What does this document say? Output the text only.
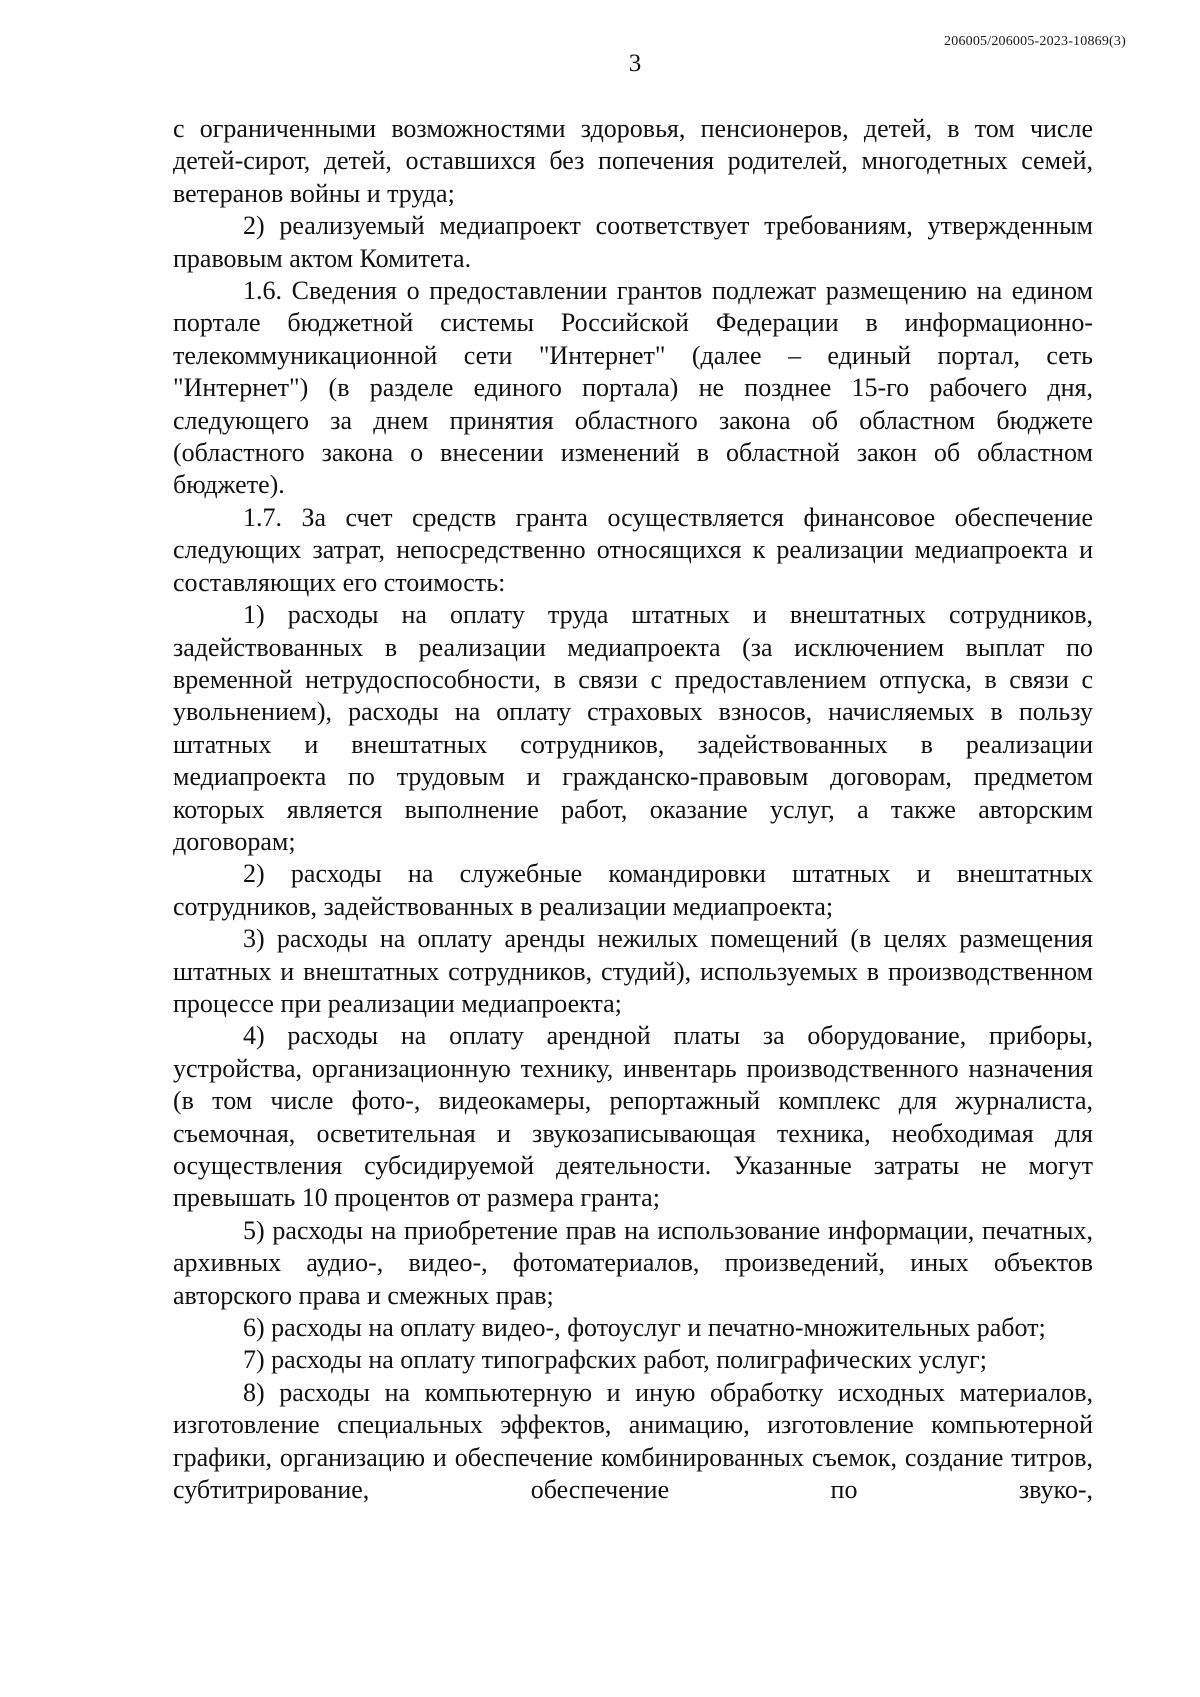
206005/206005-2023-10869(3)
3

с ограниченными возможностями здоровья, пенсионеров, детей, в том числе детей-сирот, детей, оставшихся без попечения родителей, многодетных семей, ветеранов войны и труда;

2) реализуемый медиапроект соответствует требованиям, утвержденным правовым актом Комитета.

1.6. Сведения о предоставлении грантов подлежат размещению на едином портале бюджетной системы Российской Федерации в информационно-телекоммуникационной сети "Интернет" (далее – единый портал, сеть "Интернет") (в разделе единого портала) не позднее 15-го рабочего дня, следующего за днем принятия областного закона об областном бюджете (областного закона о внесении изменений в областной закон об областном бюджете).

1.7. За счет средств гранта осуществляется финансовое обеспечение следующих затрат, непосредственно относящихся к реализации медиапроекта и составляющих его стоимость:

1) расходы на оплату труда штатных и внештатных сотрудников, задействованных в реализации медиапроекта (за исключением выплат по временной нетрудоспособности, в связи с предоставлением отпуска, в связи с увольнением), расходы на оплату страховых взносов, начисляемых в пользу штатных и внештатных сотрудников, задействованных в реализации медиапроекта по трудовым и гражданско-правовым договорам, предметом которых является выполнение работ, оказание услуг, а также авторским договорам;

2) расходы на служебные командировки штатных и внештатных сотрудников, задействованных в реализации медиапроекта;

3) расходы на оплату аренды нежилых помещений (в целях размещения штатных и внештатных сотрудников, студий), используемых в производственном процессе при реализации медиапроекта;

4) расходы на оплату арендной платы за оборудование, приборы, устройства, организационную технику, инвентарь производственного назначения (в том числе фото-, видеокамеры, репортажный комплекс для журналиста, съемочная, осветительная и звукозаписывающая техника, необходимая для осуществления субсидируемой деятельности. Указанные затраты не могут превышать 10 процентов от размера гранта;

5) расходы на приобретение прав на использование информации, печатных, архивных аудио-, видео-, фотоматериалов, произведений, иных объектов авторского права и смежных прав;

6) расходы на оплату видео-, фотоуслуг и печатно-множительных работ;

7) расходы на оплату типографских работ, полиграфических услуг;

8) расходы на компьютерную и иную обработку исходных материалов, изготовление специальных эффектов, анимацию, изготовление компьютерной графики, организацию и обеспечение комбинированных съемок, создание титров, субтитрирование, обеспечение по звуко-,
